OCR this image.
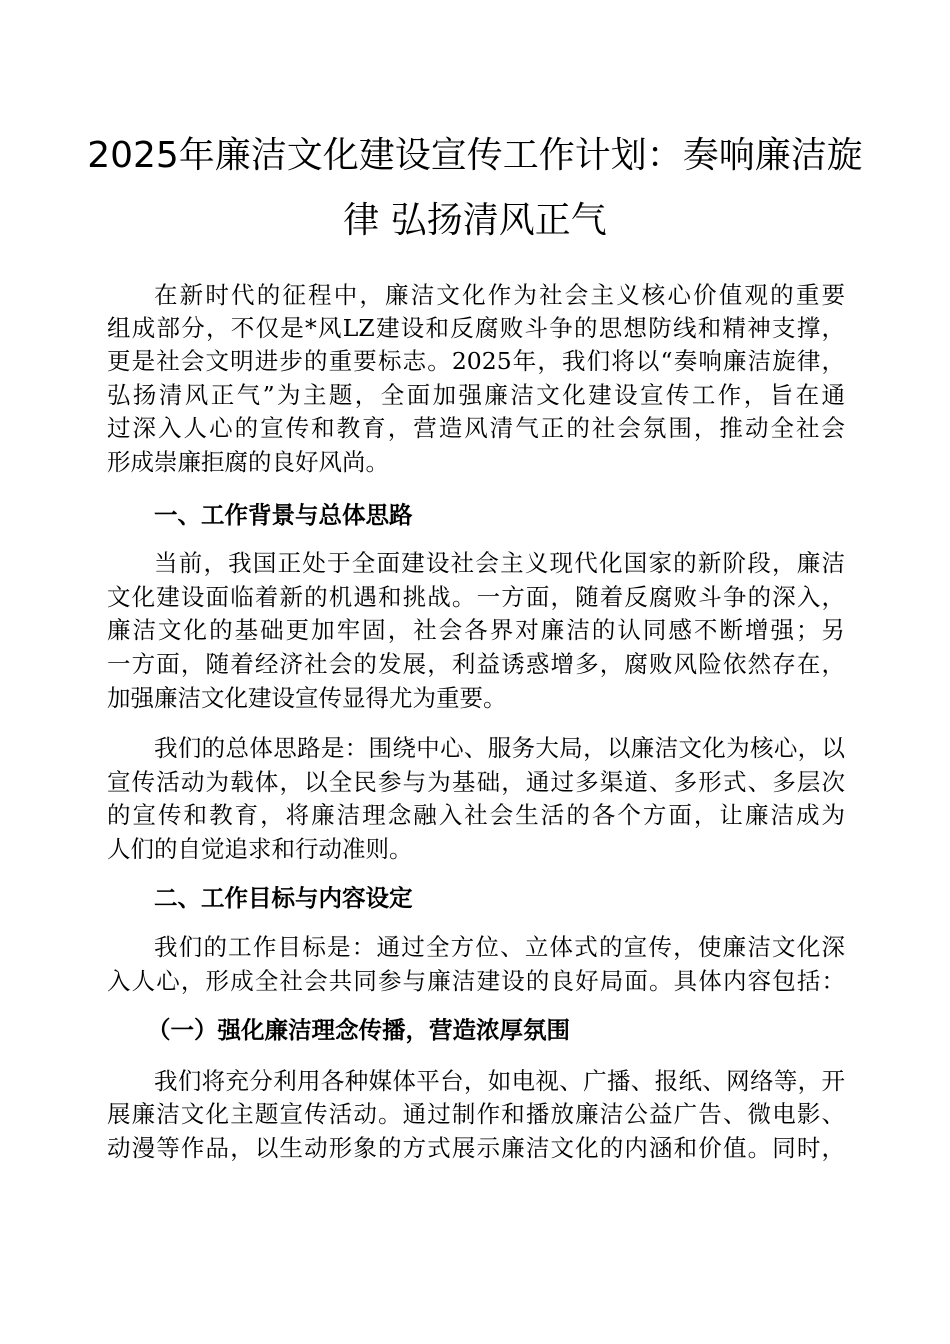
2025年廉洁文化建设宣传工作计划：奏响廉洁旋
律 弘扬清风正气
在新时代的征程中，廉洁文化作为社会主义核心价值观的重要
组成部分，不仅是*风LZ建设和反腐败斗争的思想防线和精神支撑，
更是社会文明进步的重要标志。2025年，我们将以“奏响廉洁旋律，
弘扬清风正气”为主题，全面加强廉洁文化建设宣传工作，旨在通
过深入人心的宣传和教育，营造风清气正的社会氛围，推动全社会
形成崇廉拒腐的良好风尚。
一、工作背景与总体思路
当前，我国正处于全面建设社会主义现代化国家的新阶段，廉洁
文化建设面临着新的机遇和挑战。一方面，随着反腐败斗争的深入，
廉洁文化的基础更加牢固，社会各界对廉洁的认同感不断增强；另
一方面，随着经济社会的发展，利益诱惑增多，腐败风险依然存在，
加强廉洁文化建设宣传显得尤为重要。
我们的总体思路是：围绕中心、服务大局，以廉洁文化为核心，以
宣传活动为载体，以全民参与为基础，通过多渠道、多形式、多层次
的宣传和教育，将廉洁理念融入社会生活的各个方面，让廉洁成为
人们的自觉追求和行动准则。
二、工作目标与内容设定
我们的工作目标是：通过全方位、立体式的宣传，使廉洁文化深
入人心，形成全社会共同参与廉洁建设的良好局面。具体内容包括：
（一）强化廉洁理念传播，营造浓厚氛围
我们将充分利用各种媒体平台，如电视、广播、报纸、网络等，开
展廉洁文化主题宣传活动。通过制作和播放廉洁公益广告、微电影、
动漫等作品，以生动形象的方式展示廉洁文化的内涵和价值。同时，
